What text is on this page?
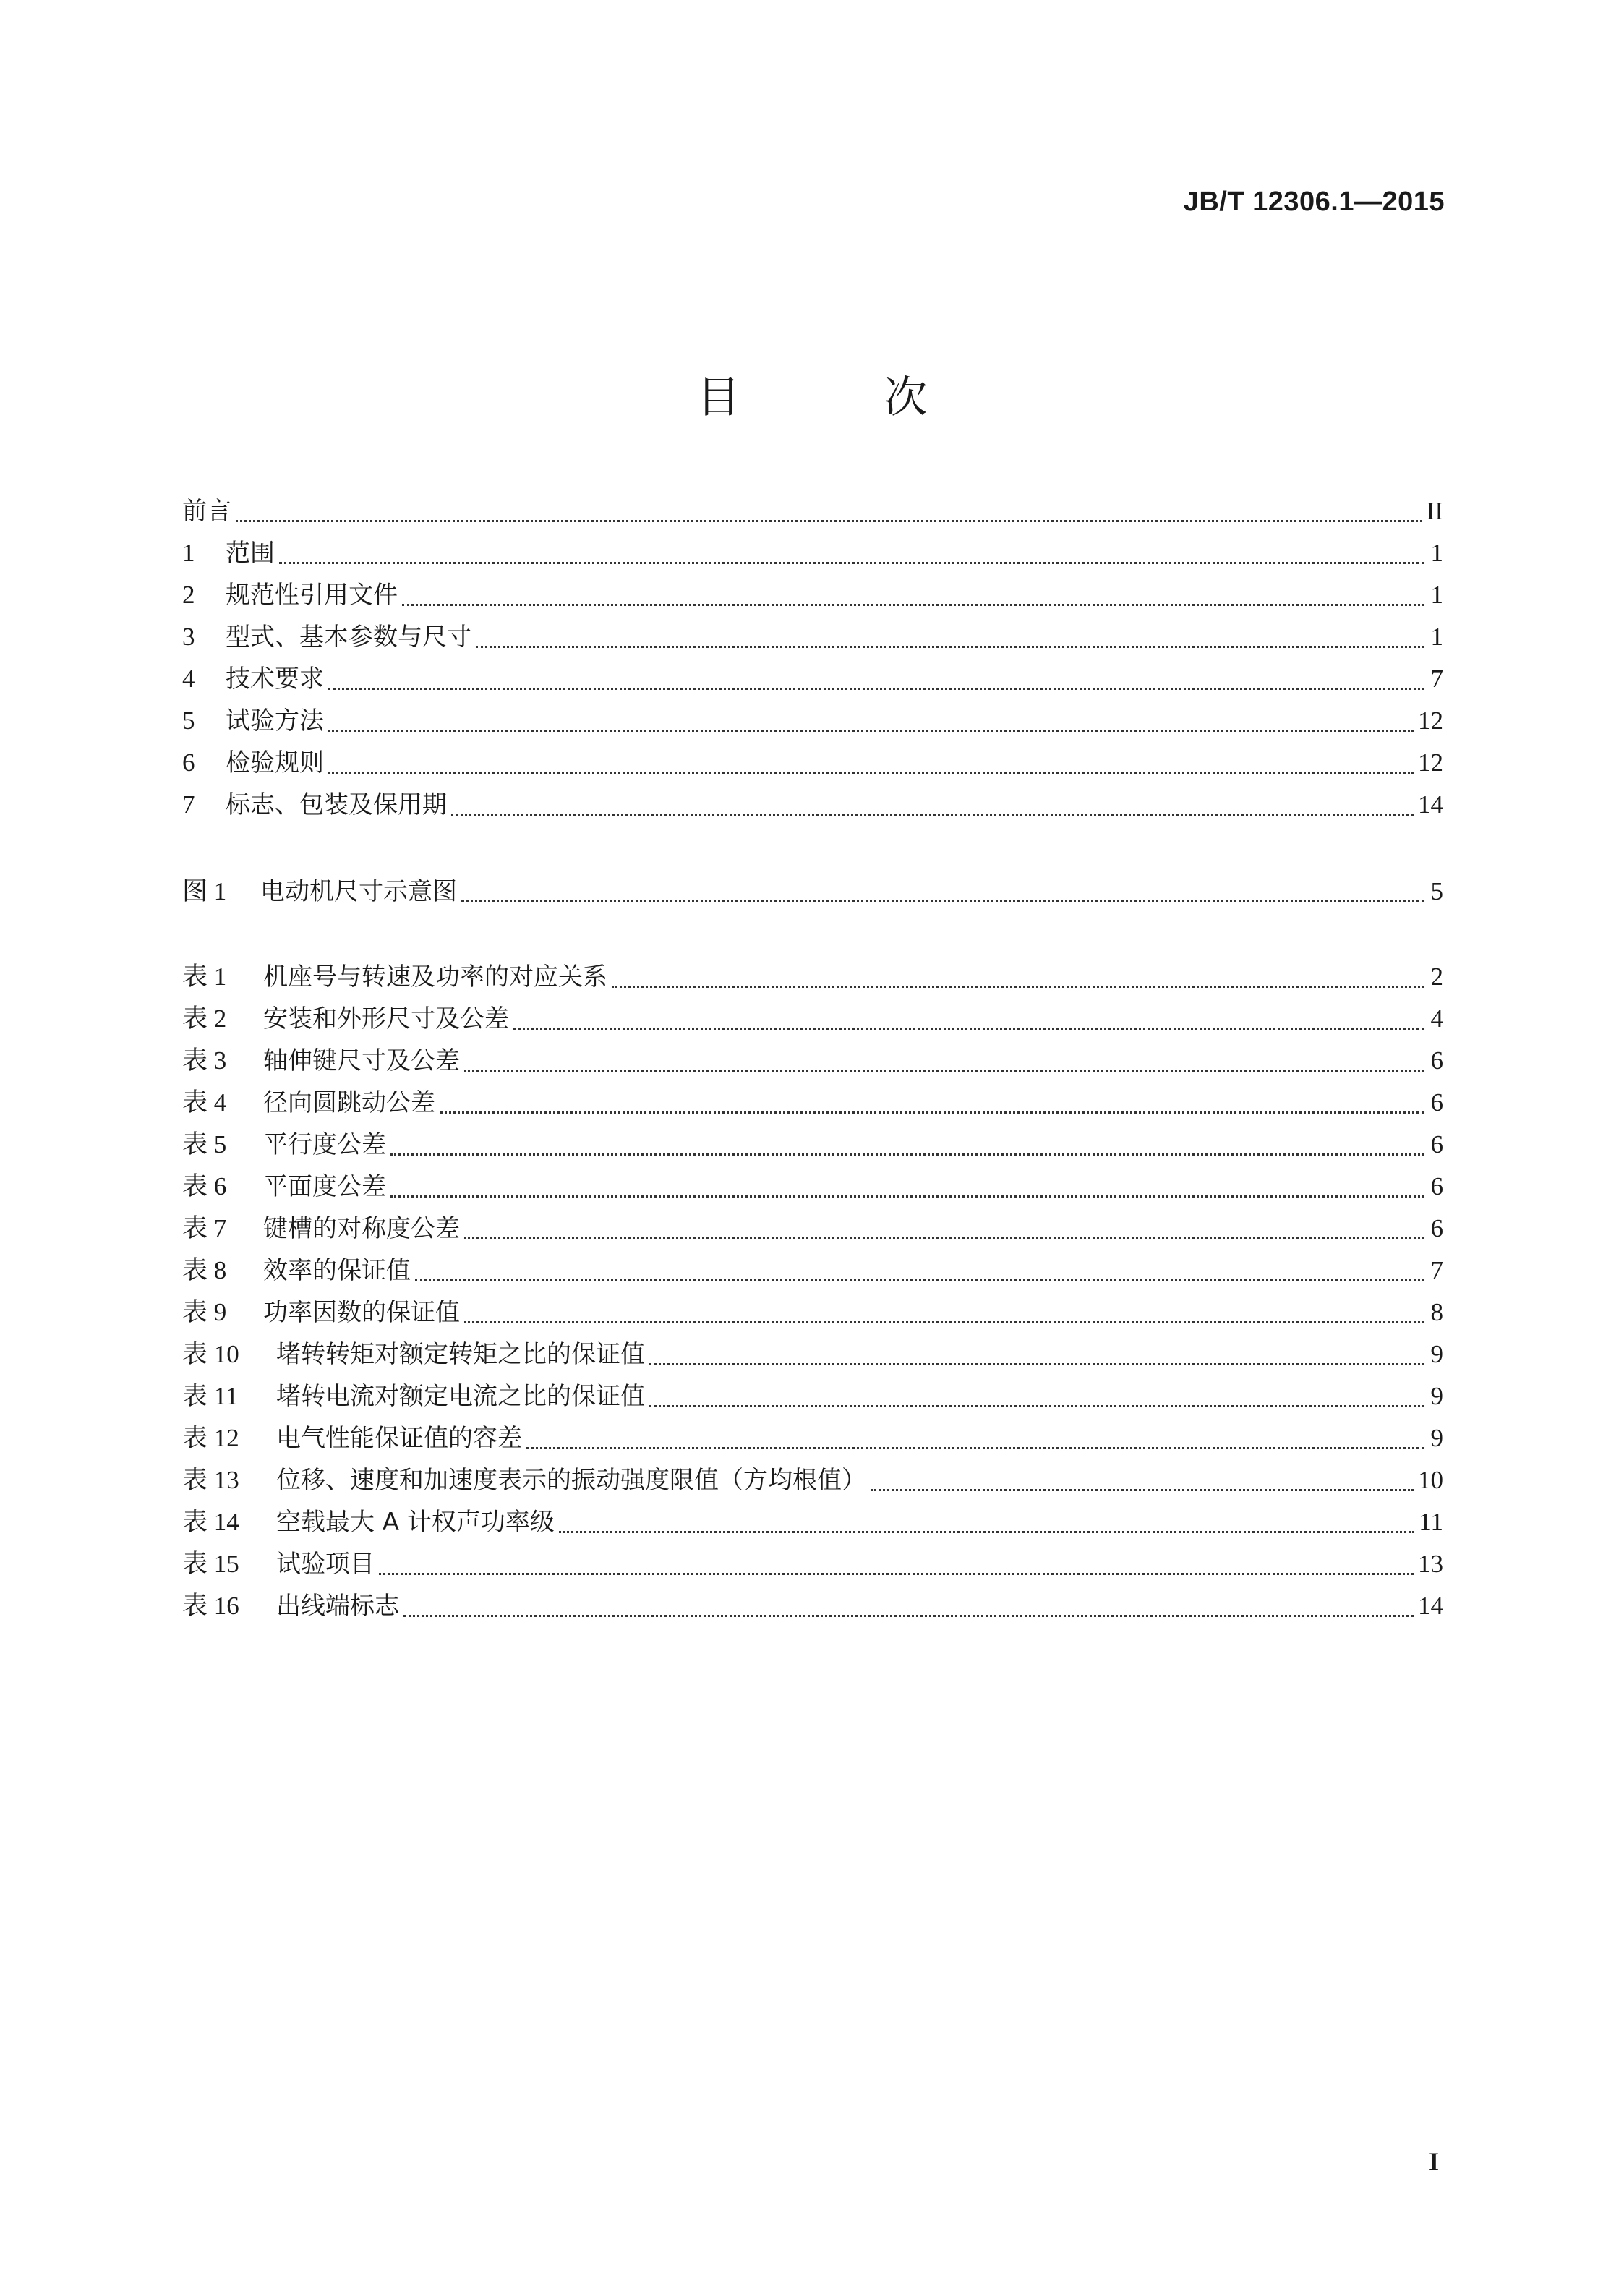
JB/T 12306.1—2015
目 次
前言	II
1 范围	1
2 规范性引用文件	1
3 型式、基本参数与尺寸	1
4 技术要求	7
5 试验方法	12
6 检验规则	12
7 标志、包装及保用期	14
图 1 电动机尺寸示意图	5
表 1 机座号与转速及功率的对应关系	2
表 2 安装和外形尺寸及公差	4
表 3 轴伸键尺寸及公差	6
表 4 径向圆跳动公差	6
表 5 平行度公差	6
表 6 平面度公差	6
表 7 键槽的对称度公差	6
表 8 效率的保证值	7
表 9 功率因数的保证值	8
表 10 堵转转矩对额定转矩之比的保证值	9
表 11 堵转电流对额定电流之比的保证值	9
表 12 电气性能保证值的容差	9
表 13 位移、速度和加速度表示的振动强度限值（方均根值）	10
表 14 空载最大 A 计权声功率级	11
表 15 试验项目	13
表 16 出线端标志	14
I
